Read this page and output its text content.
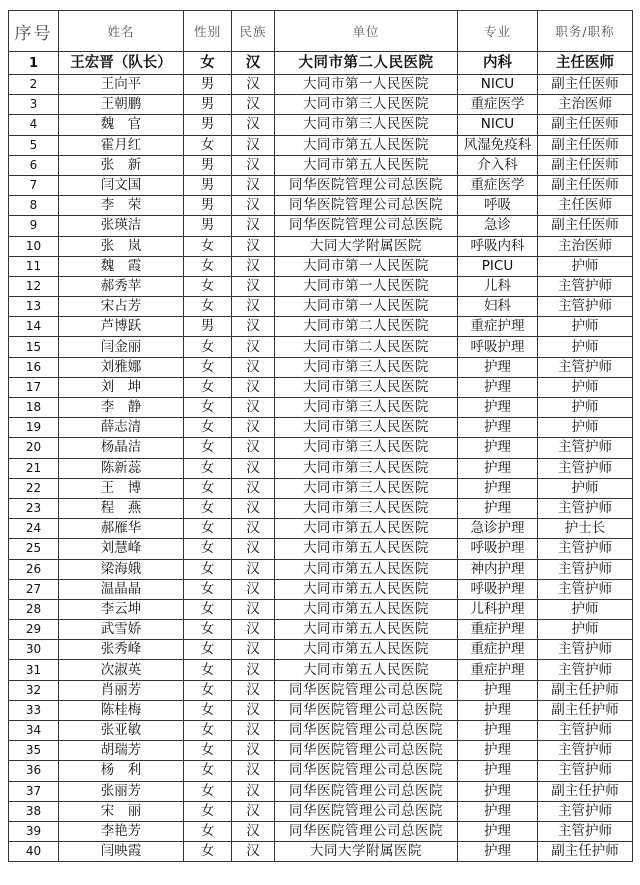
序号	姓名	性别	民族	单位	专业	职务/职称
1	王宏晋（队长）	女	汉	大同市第二人民医院	内科	主任医师
2	王向平	男	汉	大同市第一人民医院	NICU	副主任医师
3	王朝鹏	男	汉	大同市第三人民医院	重症医学	主治医师
4	魏　官	男	汉	大同市第三人民医院	NICU	副主任医师
5	霍月红	女	汉	大同市第五人民医院	风湿免疫科	副主任医师
6	张　新	男	汉	大同市第五人民医院	介入科	副主任医师
7	闫文国	男	汉	同华医院管理公司总医院	重症医学	副主任医师
8	李　荣	男	汉	同华医院管理公司总医院	呼吸	主任医师
9	张瑛洁	男	汉	同华医院管理公司总医院	急诊	副主任医师
10	张　岚	女	汉	大同大学附属医院	呼吸内科	主治医师
11	魏　霞	女	汉	大同市第一人民医院	PICU	护师
12	郝秀苹	女	汉	大同市第一人民医院	儿科	主管护师
13	宋占芳	女	汉	大同市第一人民医院	妇科	主管护师
14	芦博跃	男	汉	大同市第二人民医院	重症护理	护师
15	闫金丽	女	汉	大同市第二人民医院	呼吸护理	护师
16	刘雅娜	女	汉	大同市第三人民医院	护理	主管护师
17	刘　坤	女	汉	大同市第三人民医院	护理	护师
18	李　静	女	汉	大同市第三人民医院	护理	护师
19	薛志清	女	汉	大同市第三人民医院	护理	护师
20	杨晶洁	女	汉	大同市第三人民医院	护理	主管护师
21	陈新蕊	女	汉	大同市第三人民医院	护理	主管护师
22	王　博	女	汉	大同市第三人民医院	护理	护师
23	程　燕	女	汉	大同市第三人民医院	护理	主管护师
24	郝雁华	女	汉	大同市第五人民医院	急诊护理	护士长
25	刘慧峰	女	汉	大同市第五人民医院	呼吸护理	主管护师
26	梁海娥	女	汉	大同市第五人民医院	神内护理	主管护师
27	温晶晶	女	汉	大同市第五人民医院	呼吸护理	主管护师
28	李云坤	女	汉	大同市第五人民医院	儿科护理	护师
29	武雪娇	女	汉	大同市第五人民医院	重症护理	护师
30	张秀峰	女	汉	大同市第五人民医院	重症护理	主管护师
31	次淑英	女	汉	大同市第五人民医院	重症护理	主管护师
32	肖丽芳	女	汉	同华医院管理公司总医院	护理	副主任护师
33	陈桂梅	女	汉	同华医院管理公司总医院	护理	副主任护师
34	张亚敏	女	汉	同华医院管理公司总医院	护理	主管护师
35	胡瑞芳	女	汉	同华医院管理公司总医院	护理	主管护师
36	杨　利	女	汉	同华医院管理公司总医院	护理	主管护师
37	张丽芳	女	汉	同华医院管理公司总医院	护理	副主任护师
38	宋　丽	女	汉	同华医院管理公司总医院	护理	主管护师
39	李艳芳	女	汉	同华医院管理公司总医院	护理	主管护师
40	闫映霞	女	汉	大同大学附属医院	护理	副主任护师
